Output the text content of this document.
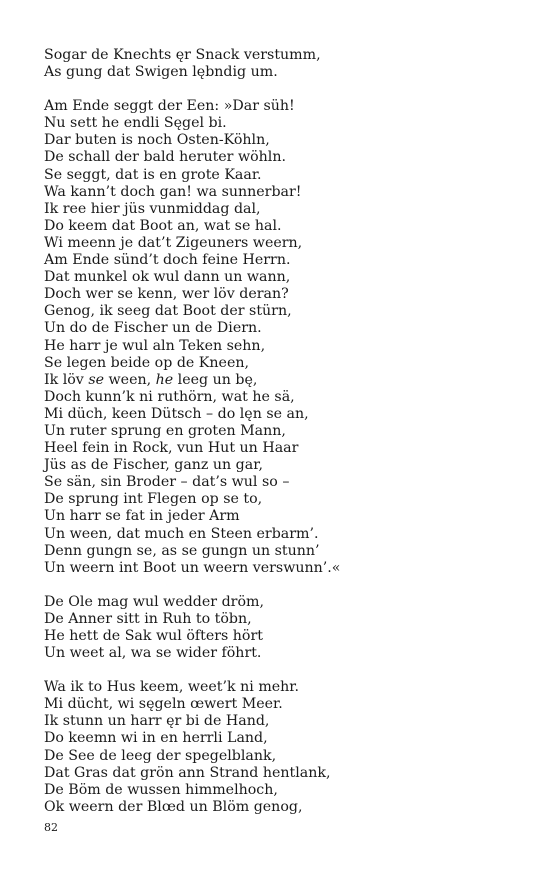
Sogar de Knechts ęr Snack verstumm,
As gung dat Swigen lębndig um.
Am Ende seggt der Een: »Dar süh!
Nu sett he endli Sęgel bi.
Dar buten is noch Osten-Köhln,
De schall der bald heruter wöhln.
Se seggt, dat is en grote Kaar.
Wa kann’t doch gan! wa sunnerbar!
Ik ree hier jüs vunmiddag dal,
Do keem dat Boot an, wat se hal.
Wi meenn je dat’t Zigeuners weern,
Am Ende sünd’t doch feine Herrn.
Dat munkel ok wul dann un wann,
Doch wer se kenn, wer löv deran?
Genog, ik seeg dat Boot der stürn,
Un do de Fischer un de Diern.
He harr je wul aln Teken sehn,
Se legen beide op de Kneen,
Ik löv se ween, he leeg un bę,
Doch kunn’k ni ruthörn, wat he sä,
Mi düch, keen Dütsch – do lęn se an,
Un ruter sprung en groten Mann,
Heel fein in Rock, vun Hut un Haar
Jüs as de Fischer, ganz un gar,
Se sän, sin Broder – dat’s wul so –
De sprung int Flegen op se to,
Un harr se fat in jeder Arm
Un ween, dat much en Steen erbarm’.
Denn gungn se, as se gungn un stunn’
Un weern int Boot un weern verswunn’.«
De Ole mag wul wedder dröm,
De Anner sitt in Ruh to töbn,
He hett de Sak wul öfters hört
Un weet al, wa se wider föhrt.
Wa ik to Hus keem, weet’k ni mehr.
Mi dücht, wi sęgeln œwert Meer.
Ik stunn un harr ęr bi de Hand,
Do keemn wi in en herrli Land,
De See de leeg der spegelblank,
Dat Gras dat grön ann Strand hentlank,
De Böm de wussen himmelhoch,
Ok weern der Blœd un Blöm genog,
82
